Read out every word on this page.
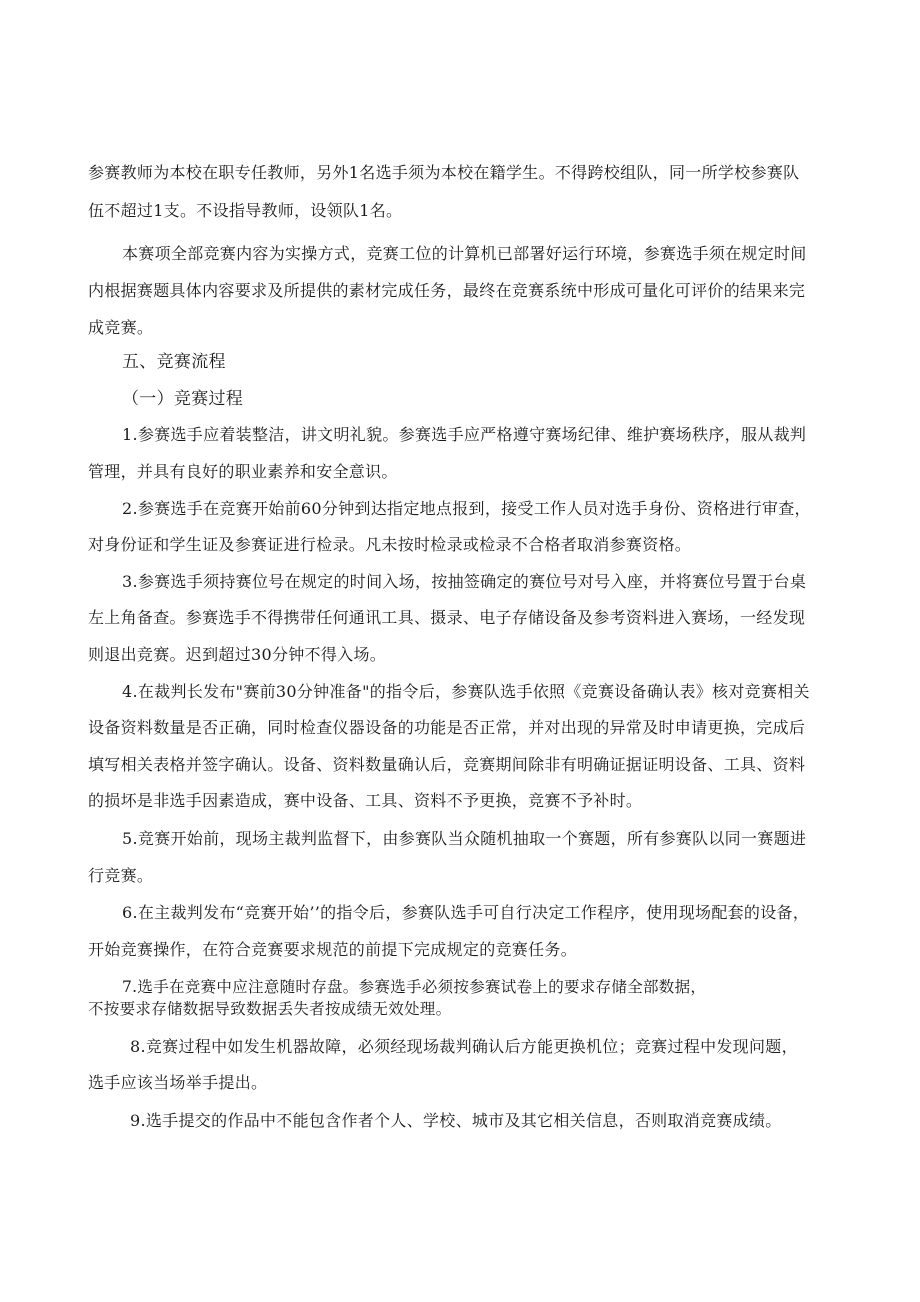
参赛教师为本校在职专任教师，另外1名选手须为本校在籍学生。不得跨校组队，同一所学校参赛队
伍不超过1支。不设指导教师，设领队1名。
本赛项全部竞赛内容为实操方式，竞赛工位的计算机已部署好运行环境，参赛选手须在规定时间
内根据赛题具体内容要求及所提供的素材完成任务，最终在竞赛系统中形成可量化可评价的结果来完
成竞赛。
五、竞赛流程
（一）竞赛过程
1.参赛选手应着装整洁，讲文明礼貌。参赛选手应严格遵守赛场纪律、维护赛场秩序，服从裁判
管理，并具有良好的职业素养和安全意识。
2.参赛选手在竞赛开始前60分钟到达指定地点报到，接受工作人员对选手身份、资格进行审查，
对身份证和学生证及参赛证进行检录。凡未按时检录或检录不合格者取消参赛资格。
3.参赛选手须持赛位号在规定的时间入场，按抽签确定的赛位号对号入座，并将赛位号置于台桌
左上角备查。参赛选手不得携带任何通讯工具、摄录、电子存储设备及参考资料进入赛场，一经发现
则退出竞赛。迟到超过30分钟不得入场。
4.在裁判长发布"赛前30分钟准备"的指令后，参赛队选手依照《竞赛设备确认表》核对竞赛相关
设备资料数量是否正确，同时检查仪器设备的功能是否正常，并对出现的异常及时申请更换，完成后
填写相关表格并签字确认。设备、资料数量确认后，竞赛期间除非有明确证据证明设备、工具、资料
的损坏是非选手因素造成，赛中设备、工具、资料不予更换，竞赛不予补时。
5.竞赛开始前，现场主裁判监督下，由参赛队当众随机抽取一个赛题，所有参赛队以同一赛题进
行竞赛。
6.在主裁判发布“竞赛开始’’的指令后，参赛队选手可自行决定工作程序，使用现场配套的设备，
开始竞赛操作，在符合竞赛要求规范的前提下完成规定的竞赛任务。
7.选手在竞赛中应注意随时存盘。参赛选手必须按参赛试卷上的要求存储全部数据，
不按要求存储数据导致数据丢失者按成绩无效处理。
8.竞赛过程中如发生机器故障，必须经现场裁判确认后方能更换机位；竞赛过程中发现问题，
选手应该当场举手提出。
9.选手提交的作品中不能包含作者个人、学校、城市及其它相关信息，否则取消竞赛成绩。
